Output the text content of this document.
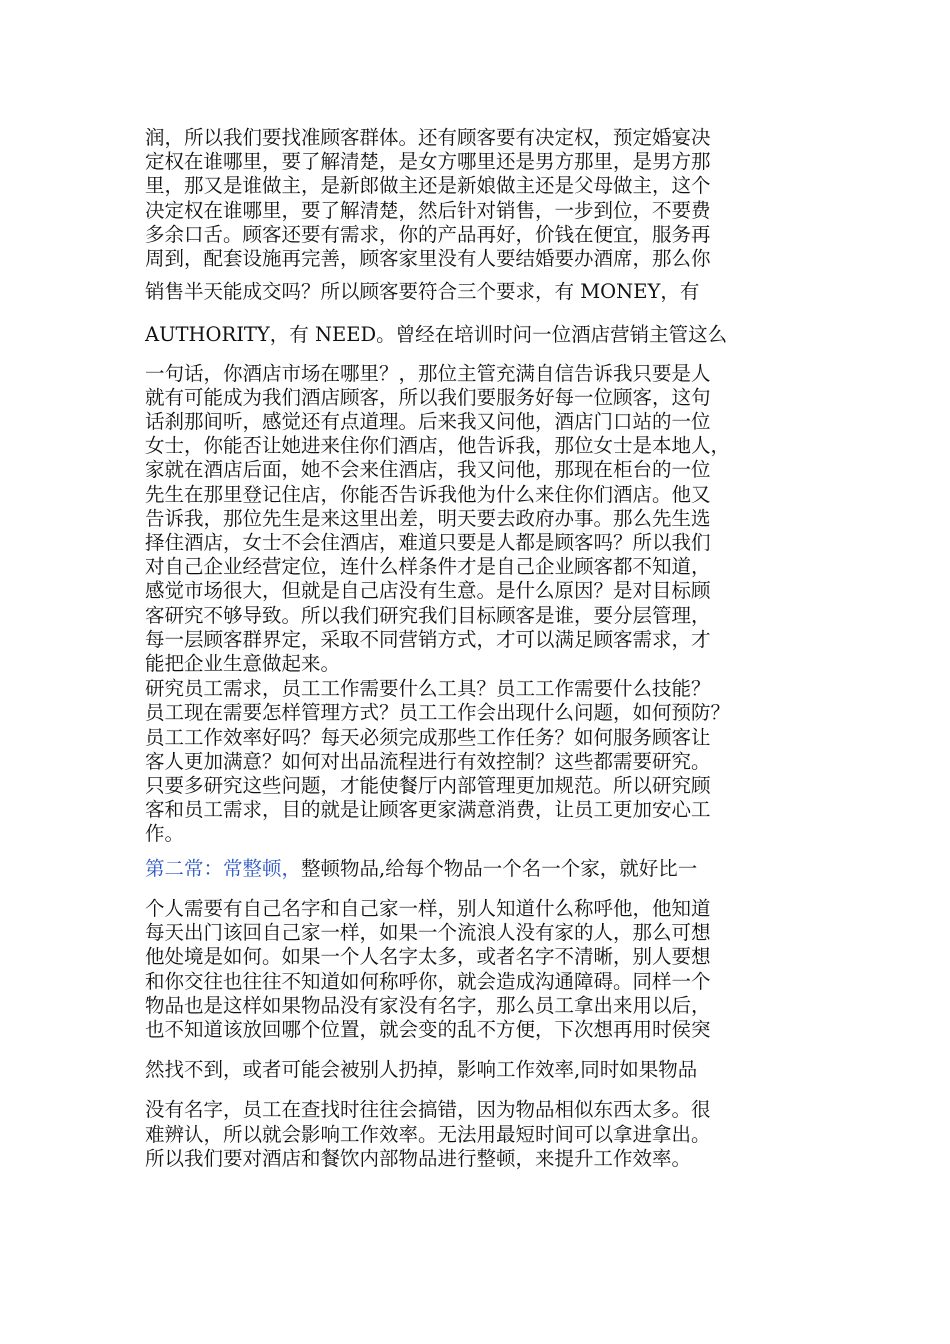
润，所以我们要找准顾客群体。还有顾客要有决定权，预定婚宴决
定权在谁哪里，要了解清楚，是女方哪里还是男方那里，是男方那
里，那又是谁做主，是新郎做主还是新娘做主还是父母做主，这个
决定权在谁哪里，要了解清楚，然后针对销售，一步到位，不要费
多余口舌。顾客还要有需求，你的产品再好，价钱在便宜，服务再
周到，配套设施再完善，顾客家里没有人要结婚要办酒席，那么你
销售半天能成交吗？所以顾客要符合三个要求，有 MONEY，有
AUTHORITY，有 NEED。曾经在培训时问一位酒店营销主管这么
一句话，你酒店市场在哪里？，那位主管充满自信告诉我只要是人
就有可能成为我们酒店顾客，所以我们要服务好每一位顾客，这句
话刹那间听，感觉还有点道理。后来我又问他，酒店门口站的一位
女士，你能否让她进来住你们酒店，他告诉我，那位女士是本地人，
家就在酒店后面，她不会来住酒店，我又问他，那现在柜台的一位
先生在那里登记住店，你能否告诉我他为什么来住你们酒店。他又
告诉我，那位先生是来这里出差，明天要去政府办事。那么先生选
择住酒店，女士不会住酒店，难道只要是人都是顾客吗？所以我们
对自己企业经营定位，连什么样条件才是自己企业顾客都不知道，
感觉市场很大，但就是自己店没有生意。是什么原因？是对目标顾
客研究不够导致。所以我们研究我们目标顾客是谁，要分层管理，
每一层顾客群界定，采取不同营销方式，才可以满足顾客需求，才
能把企业生意做起来。
研究员工需求，员工工作需要什么工具？员工工作需要什么技能？
员工现在需要怎样管理方式？员工工作会出现什么问题，如何预防？
员工工作效率好吗？每天必须完成那些工作任务？如何服务顾客让
客人更加满意？如何对出品流程进行有效控制？这些都需要研究。
只要多研究这些问题，才能使餐厅内部管理更加规范。所以研究顾
客和员工需求，目的就是让顾客更家满意消费，让员工更加安心工
作。
第二常：常整顿，整顿物品,给每个物品一个名一个家，就好比一
个人需要有自己名字和自己家一样，别人知道什么称呼他，他知道
每天出门该回自己家一样，如果一个流浪人没有家的人，那么可想
他处境是如何。如果一个人名字太多，或者名字不清晰，别人要想
和你交往也往往不知道如何称呼你，就会造成沟通障碍。同样一个
物品也是这样如果物品没有家没有名字，那么员工拿出来用以后，
也不知道该放回哪个位置，就会变的乱不方便，下次想再用时侯突
然找不到，或者可能会被别人扔掉，影响工作效率,同时如果物品
没有名字，员工在查找时往往会搞错，因为物品相似东西太多。很
难辨认，所以就会影响工作效率。无法用最短时间可以拿进拿出。
所以我们要对酒店和餐饮内部物品进行整顿，来提升工作效率。
